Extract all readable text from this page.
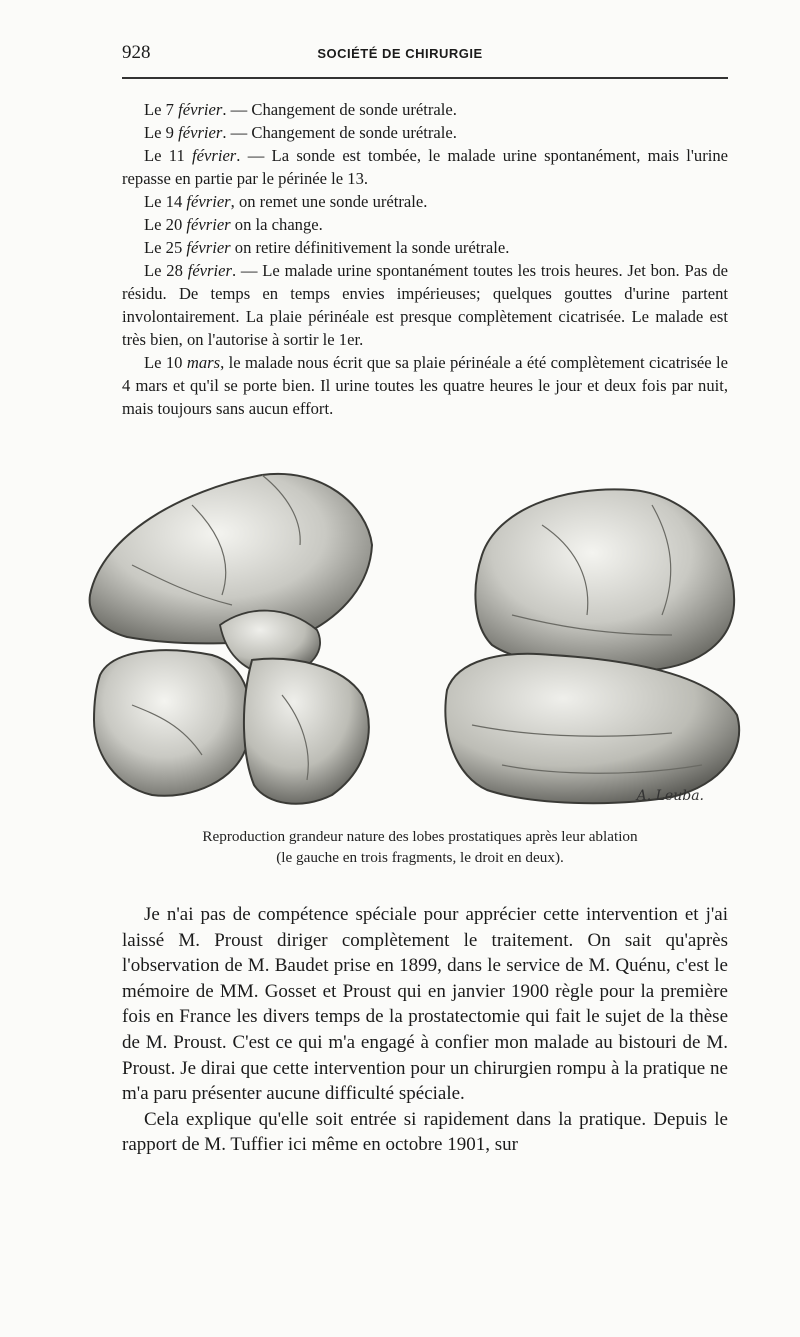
928	SOCIÉTÉ DE CHIRURGIE

Le 7 février. — Changement de sonde urétrale.

Le 9 février. — Changement de sonde urétrale.

Le 11 février. — La sonde est tombée, le malade urine spontanément, mais l'urine repasse en partie par le périnée le 13.

Le 14 février, on remet une sonde urétrale.

Le 20 février on la change.

Le 25 février on retire définitivement la sonde urétrale.

Le 28 février. — Le malade urine spontanément toutes les trois heures. Jet bon. Pas de résidu. De temps en temps envies impérieuses; quelques gouttes d'urine partent involontairement. La plaie périnéale est presque complètement cicatrisée. Le malade est très bien, on l'autorise à sortir le 1er.

Le 10 mars, le malade nous écrit que sa plaie périnéale a été complètement cicatrisée le 4 mars et qu'il se porte bien. Il urine toutes les quatre heures le jour et deux fois par nuit, mais toujours sans aucun effort.

A. Leuba.

Reproduction grandeur nature des lobes prostatiques après leur ablation

(le gauche en trois fragments, le droit en deux).

Je n'ai pas de compétence spéciale pour apprécier cette intervention et j'ai laissé M. Proust diriger complètement le traitement. On sait qu'après l'observation de M. Baudet prise en 1899, dans le service de M. Quénu, c'est le mémoire de MM. Gosset et Proust qui en janvier 1900 règle pour la première fois en France les divers temps de la prostatectomie qui fait le sujet de la thèse de M. Proust. C'est ce qui m'a engagé à confier mon malade au bistouri de M. Proust. Je dirai que cette intervention pour un chirurgien rompu à la pratique ne m'a paru présenter aucune difficulté spéciale.

Cela explique qu'elle soit entrée si rapidement dans la pratique. Depuis le rapport de M. Tuffier ici même en octobre 1901, sur
